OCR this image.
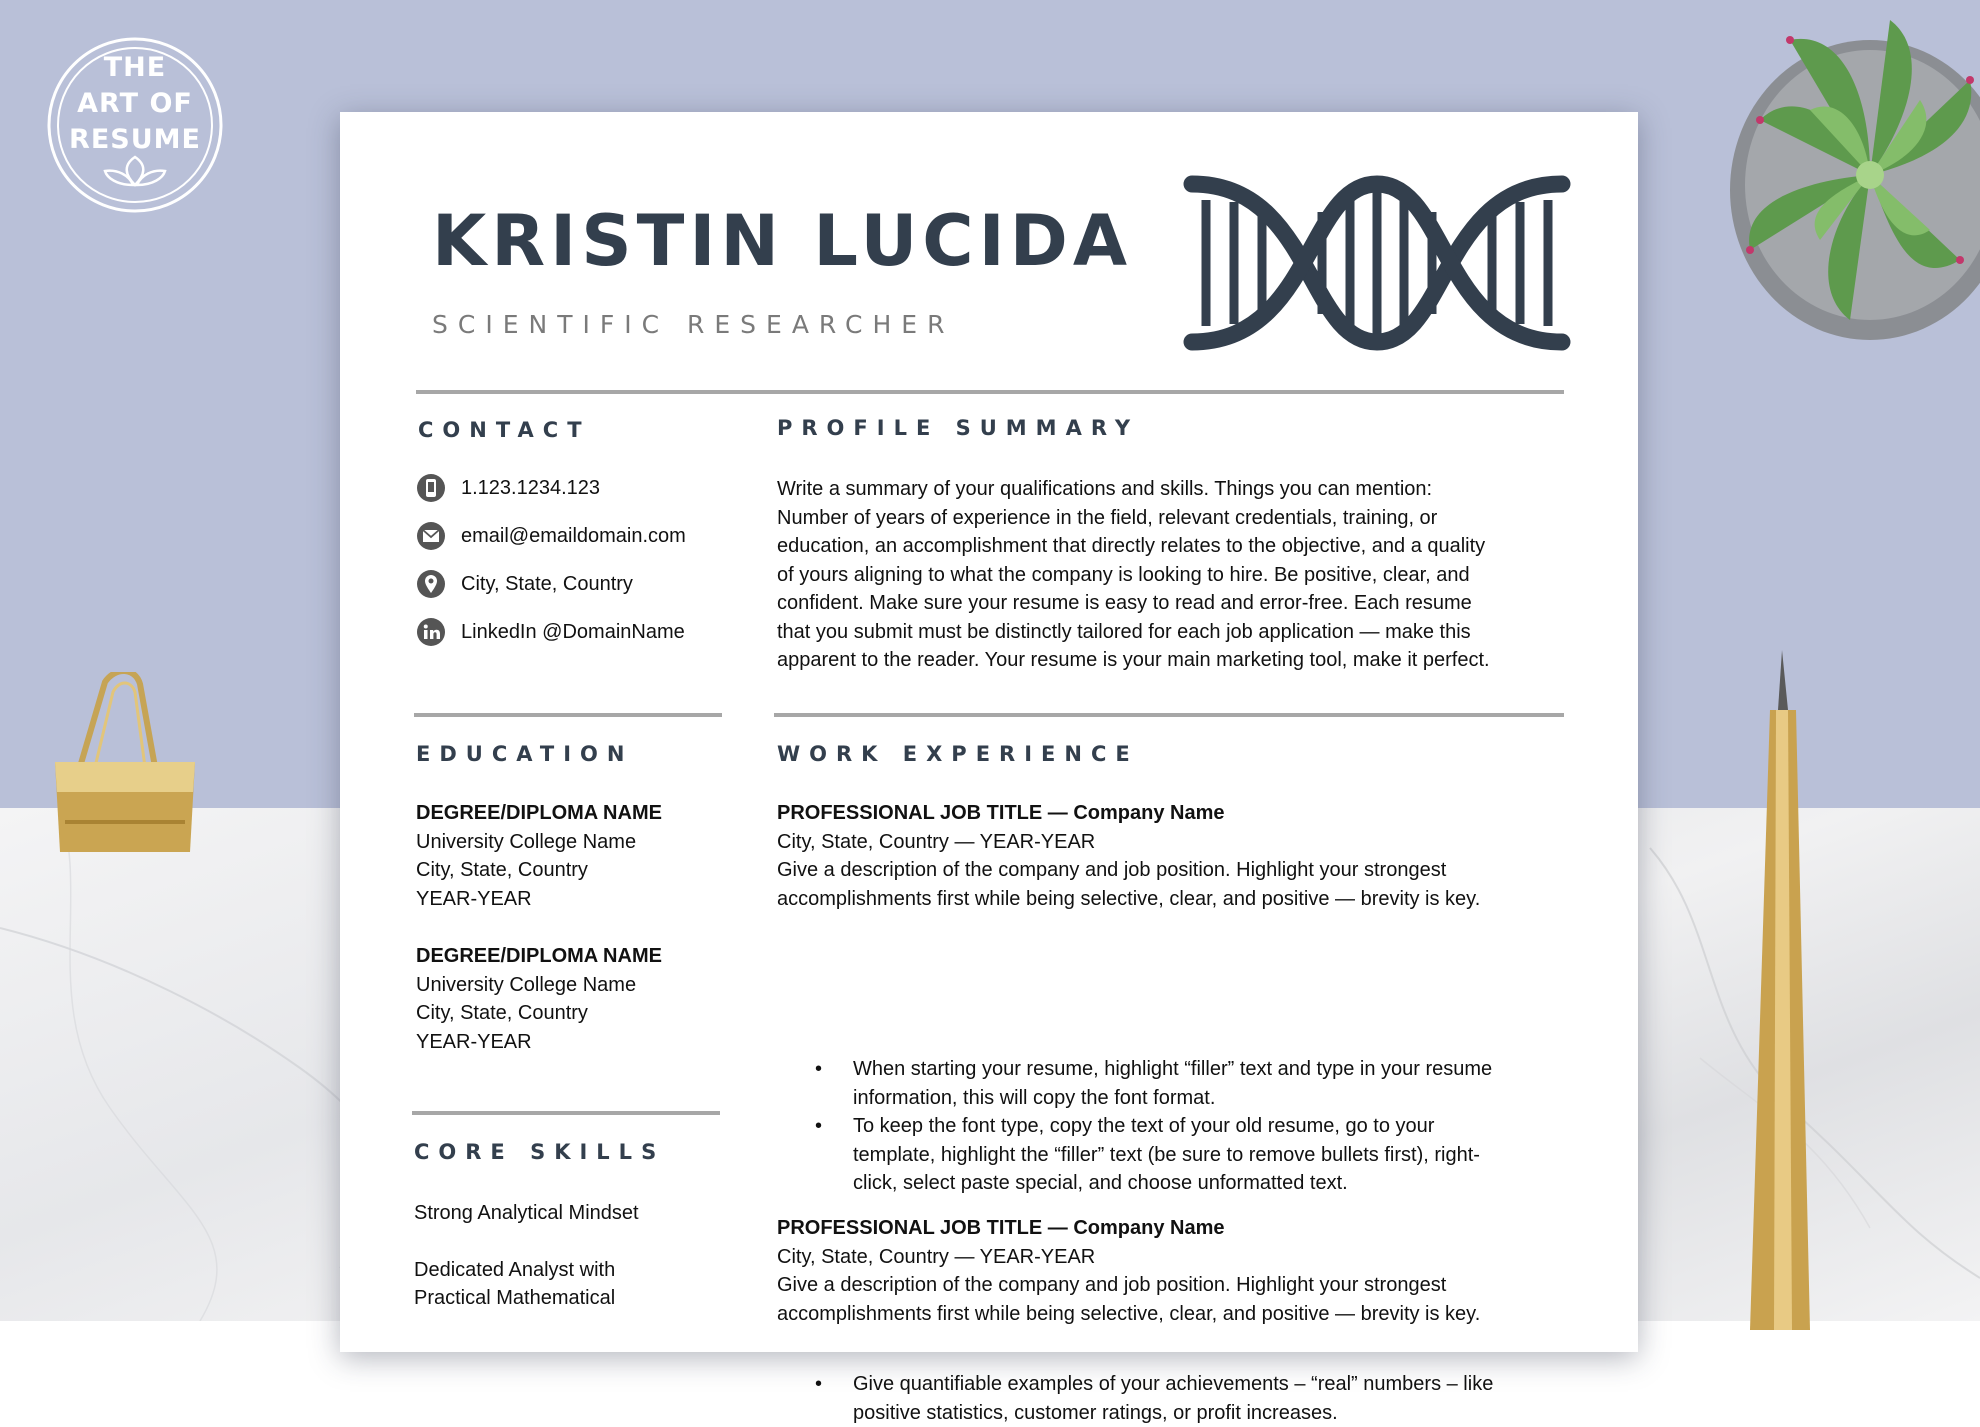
THE
ART OF
RESUME
KRISTIN LUCIDA
SCIENTIFIC RESEARCHER
CONTACT
1.123.1234.123
email@emaildomain.com
City, State, Country
LinkedIn @DomainName
PROFILE SUMMARY
Write a summary of your qualifications and skills. Things you can mention:
Number of years of experience in the field, relevant credentials, training, or
education, an accomplishment that directly relates to the objective, and a quality
of yours aligning to what the company is looking to hire. Be positive, clear, and
confident. Make sure your resume is easy to read and error-free. Each resume
that you submit must be distinctly tailored for each job application — make this
apparent to the reader. Your resume is your main marketing tool, make it perfect.
EDUCATION
DEGREE/DIPLOMA NAME
University College Name
City, State, Country
YEAR-YEAR
DEGREE/DIPLOMA NAME
University College Name
City, State, Country
YEAR-YEAR
CORE SKILLS
Strong Analytical Mindset
Dedicated Analyst with
Practical Mathematical
WORK EXPERIENCE
PROFESSIONAL JOB TITLE — Company Name
City, State, Country — YEAR-YEAR
Give a description of the company and job position. Highlight your strongest
accomplishments first while being selective, clear, and positive — brevity is key.
• When starting your resume, highlight “filler” text and type in your resume
information, this will copy the font format.
• To keep the font type, copy the text of your old resume, go to your
template, highlight the “filler” text (be sure to remove bullets first), right-
click, select paste special, and choose unformatted text.
PROFESSIONAL JOB TITLE — Company Name
City, State, Country — YEAR-YEAR
Give a description of the company and job position. Highlight your strongest
accomplishments first while being selective, clear, and positive — brevity is key.
• Give quantifiable examples of your achievements – “real” numbers – like
positive statistics, customer ratings, or profit increases.
